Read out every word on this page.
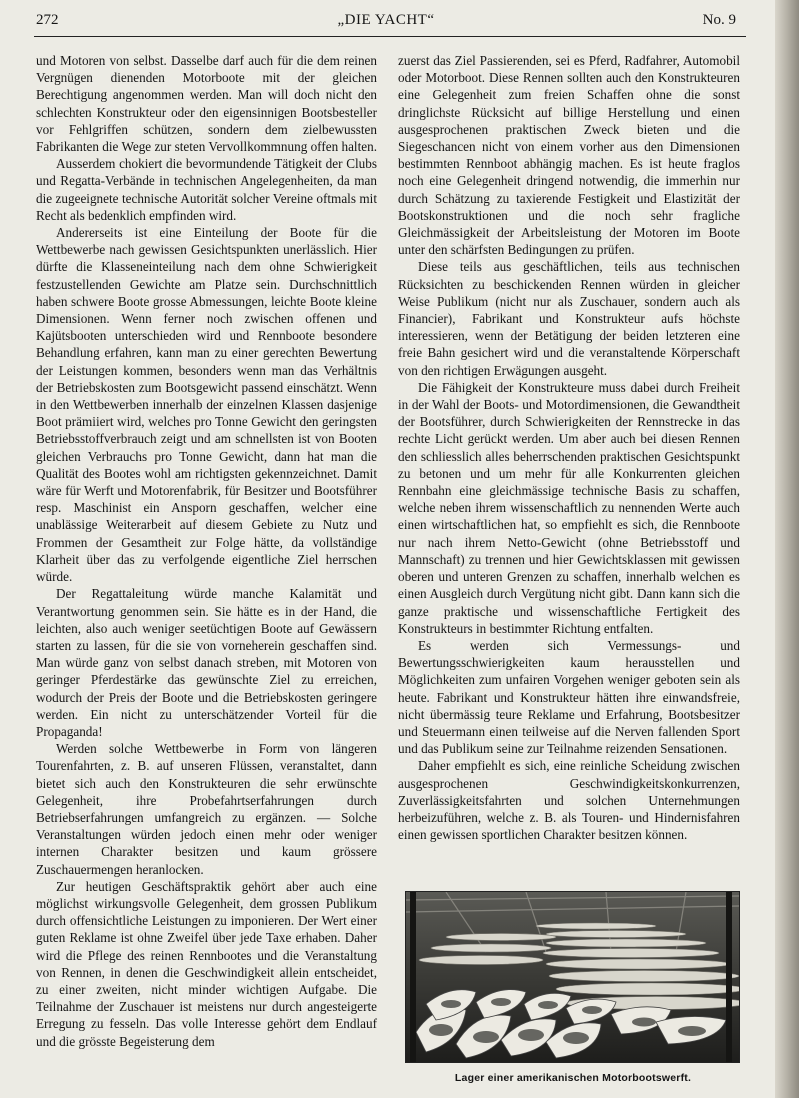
272	„DIE YACHT“	No. 9

und Motoren von selbst. Dasselbe darf auch für die dem reinen Vergnügen dienenden Motorboote mit der gleichen Berechtigung angenommen werden. Man will doch nicht den schlechten Konstrukteur oder den eigensinnigen Bootsbesteller vor Fehlgriffen schützen, sondern dem zielbewussten Fabrikanten die Wege zur steten Vervollkommnung offen halten.

Ausserdem chokiert die bevormundende Tätigkeit der Clubs und Regatta-Verbände in technischen Angelegenheiten, da man die zugeeignete technische Autorität solcher Vereine oftmals mit Recht als bedenklich empfinden wird.

Andererseits ist eine Einteilung der Boote für die Wettbewerbe nach gewissen Gesichtspunkten unerlässlich. Hier dürfte die Klasseneinteilung nach dem ohne Schwierigkeit festzustellenden Gewichte am Platze sein. Durchschnittlich haben schwere Boote grosse Abmessungen, leichte Boote kleine Dimensionen. Wenn ferner noch zwischen offenen und Kajütsbooten unterschieden wird und Rennboote besondere Behandlung erfahren, kann man zu einer gerechten Bewertung der Leistungen kommen, besonders wenn man das Verhältnis der Betriebskosten zum Bootsgewicht passend einschätzt. Wenn in den Wettbewerben innerhalb der einzelnen Klassen dasjenige Boot prämiiert wird, welches pro Tonne Gewicht den geringsten Betriebsstoffverbrauch zeigt und am schnellsten ist von Booten gleichen Verbrauchs pro Tonne Gewicht, dann hat man die Qualität des Bootes wohl am richtigsten gekennzeichnet. Damit wäre für Werft und Motorenfabrik, für Besitzer und Bootsführer resp. Maschinist ein Ansporn geschaffen, welcher eine unablässige Weiterarbeit auf diesem Gebiete zu Nutz und Frommen der Gesamtheit zur Folge hätte, da vollständige Klarheit über das zu verfolgende eigentliche Ziel herrschen würde.

Der Regattaleitung würde manche Kalamität und Verantwortung genommen sein. Sie hätte es in der Hand, die leichten, also auch weniger seetüchtigen Boote auf Gewässern starten zu lassen, für die sie von vorneherein geschaffen sind. Man würde ganz von selbst danach streben, mit Motoren von geringer Pferdestärke das gewünschte Ziel zu erreichen, wodurch der Preis der Boote und die Betriebskosten geringere werden. Ein nicht zu unterschätzender Vorteil für die Propaganda!

Werden solche Wettbewerbe in Form von längeren Tourenfahrten, z. B. auf unseren Flüssen, veranstaltet, dann bietet sich auch den Konstrukteuren die sehr erwünschte Gelegenheit, ihre Probefahrtserfahrungen durch Betriebserfahrungen umfangreich zu ergänzen. — Solche Veranstaltungen würden jedoch einen mehr oder weniger internen Charakter besitzen und kaum grössere Zuschauermengen heranlocken.

Zur heutigen Geschäftspraktik gehört aber auch eine möglichst wirkungsvolle Gelegenheit, dem grossen Publikum durch offensichtliche Leistungen zu imponieren. Der Wert einer guten Reklame ist ohne Zweifel über jede Taxe erhaben. Daher wird die Pflege des reinen Rennbootes und die Veranstaltung von Rennen, in denen die Geschwindigkeit allein entscheidet, zu einer zweiten, nicht minder wichtigen Aufgabe. Die Teilnahme der Zuschauer ist meistens nur durch angesteigerte Erregung zu fesseln. Das volle Interesse gehört dem Endlauf und die grösste Begeisterung dem

zuerst das Ziel Passierenden, sei es Pferd, Radfahrer, Automobil oder Motorboot. Diese Rennen sollten auch den Konstrukteuren eine Gelegenheit zum freien Schaffen ohne die sonst dringlichste Rücksicht auf billige Herstellung und einen ausgesprochenen praktischen Zweck bieten und die Siegeschancen nicht von einem vorher aus den Dimensionen bestimmten Rennboot abhängig machen. Es ist heute fraglos noch eine Gelegenheit dringend notwendig, die immerhin nur durch Schätzung zu taxierende Festigkeit und Elastizität der Bootskonstruktionen und die noch sehr fragliche Gleichmässigkeit der Arbeitsleistung der Motoren im Boote unter den schärfsten Bedingungen zu prüfen.

Diese teils aus geschäftlichen, teils aus technischen Rücksichten zu beschickenden Rennen würden in gleicher Weise Publikum (nicht nur als Zuschauer, sondern auch als Financier), Fabrikant und Konstrukteur aufs höchste interessieren, wenn der Betätigung der beiden letzteren eine freie Bahn gesichert wird und die veranstaltende Körperschaft von den richtigen Erwägungen ausgeht.

Die Fähigkeit der Konstrukteure muss dabei durch Freiheit in der Wahl der Boots- und Motordimensionen, die Gewandtheit der Bootsführer, durch Schwierigkeiten der Rennstrecke in das rechte Licht gerückt werden. Um aber auch bei diesen Rennen den schliesslich alles beherrschenden praktischen Gesichtspunkt zu betonen und um mehr für alle Konkurrenten gleichen Rennbahn eine gleichmässige technische Basis zu schaffen, welche neben ihrem wissenschaftlich zu nennenden Werte auch einen wirtschaftlichen hat, so empfiehlt es sich, die Rennboote nur nach ihrem Netto-Gewicht (ohne Betriebsstoff und Mannschaft) zu trennen und hier Gewichtsklassen mit gewissen oberen und unteren Grenzen zu schaffen, innerhalb welchen es einen Ausgleich durch Vergütung nicht gibt. Dann kann sich die ganze praktische und wissenschaftliche Fertigkeit des Konstrukteurs in bestimmter Richtung entfalten.

Es werden sich Vermessungs- und Bewertungsschwierigkeiten kaum herausstellen und Möglichkeiten zum unfairen Vorgehen weniger geboten sein als heute. Fabrikant und Konstrukteur hätten ihre einwandsfreie, nicht übermässig teure Reklame und Erfahrung, Bootsbesitzer und Steuermann einen teilweise auf die Nerven fallenden Sport und das Publikum seine zur Teilnahme reizenden Sensationen.

Daher empfiehlt es sich, eine reinliche Scheidung zwischen ausgesprochenen Geschwindigkeitskonkurrenzen, Zuverlässigkeitsfahrten und solchen Unternehmungen herbeizuführen, welche z. B. als Touren- und Hindernisfahren einen gewissen sportlichen Charakter besitzen können.

Lager einer amerikanischen Motorbootswerft.
